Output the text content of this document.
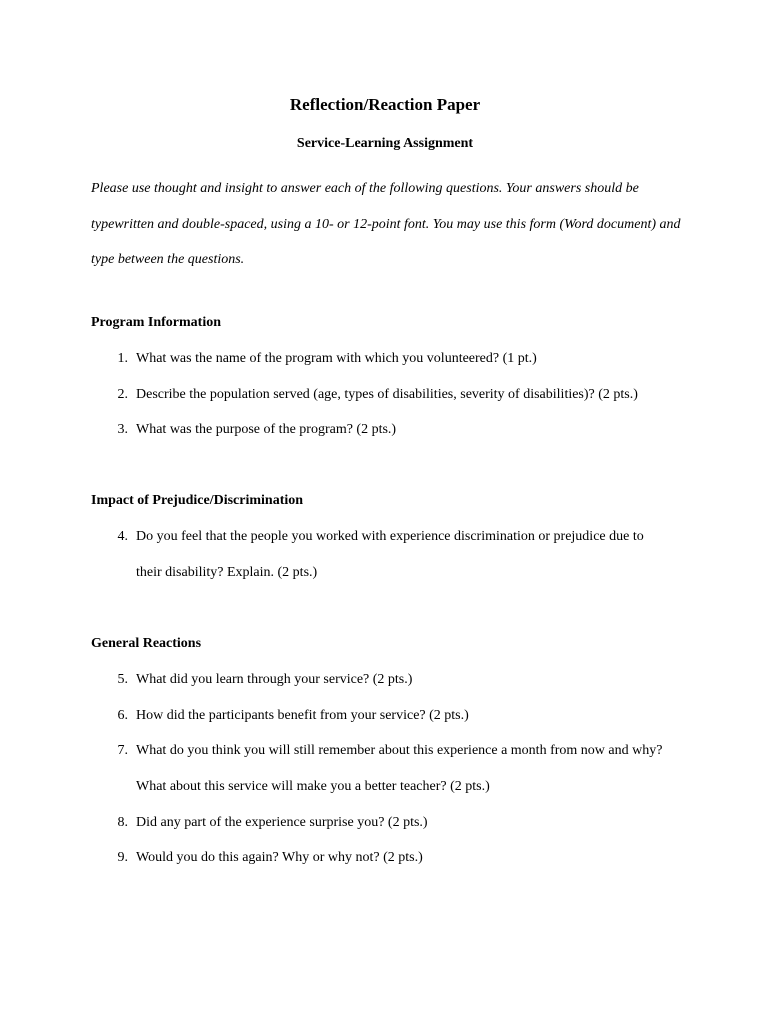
Reflection/Reaction Paper
Service-Learning Assignment

Please use thought and insight to answer each of the following questions. Your answers should be typewritten and double-spaced, using a 10- or 12-point font. You may use this form (Word document) and type between the questions.

Program Information
1. What was the name of the program with which you volunteered? (1 pt.)
2. Describe the population served (age, types of disabilities, severity of disabilities)? (2 pts.)
3. What was the purpose of the program? (2 pts.)
Impact of Prejudice/Discrimination
4. Do you feel that the people you worked with experience discrimination or prejudice due to their disability? Explain. (2 pts.)
General Reactions
5. What did you learn through your service? (2 pts.)
6. How did the participants benefit from your service? (2 pts.)
7. What do you think you will still remember about this experience a month from now and why? What about this service will make you a better teacher? (2 pts.)
8. Did any part of the experience surprise you? (2 pts.)
9. Would you do this again? Why or why not? (2 pts.)
